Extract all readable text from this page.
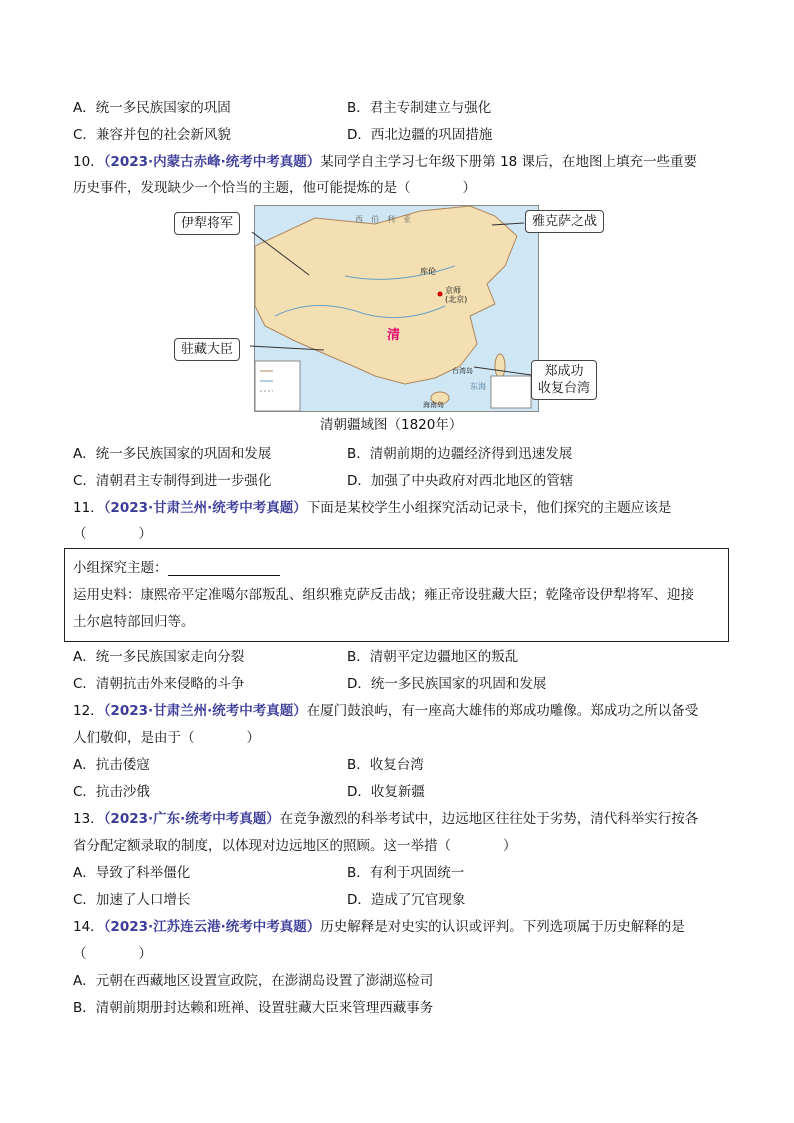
A．统一多民族国家的巩固	B．君主专制建立与强化
C．兼容并包的社会新风貌	D．西北边疆的巩固措施
10．（2023·内蒙古赤峰·统考中考真题）某同学自主学习七年级下册第 18 课后，在地图上填充一些重要
历史事件，发现缺少一个恰当的主题，他可能提炼的是（	）
西　伯　利　亚
库伦
京师
(北京)
清
台湾岛
东海
海南岛
伊犁将军	雅克萨之战
驻藏大臣
郑成功
收复台湾
清朝疆域图（1820年）
A．统一多民族国家的巩固和发展	B．清朝前期的边疆经济得到迅速发展
C．清朝君主专制得到进一步强化	D．加强了中央政府对西北地区的管辖
11．（2023·甘肃兰州·统考中考真题）下面是某校学生小组探究活动记录卡，他们探究的主题应该是
（	）
小组探究主题：
运用史料：康熙帝平定准噶尔部叛乱、组织雅克萨反击战；雍正帝设驻藏大臣；乾隆帝设伊犁将军、迎接
土尔扈特部回归等。
A．统一多民族国家走向分裂	B．清朝平定边疆地区的叛乱
C．清朝抗击外来侵略的斗争	D．统一多民族国家的巩固和发展
12．（2023·甘肃兰州·统考中考真题）在厦门鼓浪屿，有一座高大雄伟的郑成功雕像。郑成功之所以备受
人们敬仰，是由于（	）
A．抗击倭寇	B．收复台湾
C．抗击沙俄	D．收复新疆
13．（2023·广东·统考中考真题）在竞争激烈的科举考试中，边远地区往往处于劣势，清代科举实行按各
省分配定额录取的制度，以体现对边远地区的照顾。这一举措（	）
A．导致了科举僵化	B．有利于巩固统一
C．加速了人口增长	D．造成了冗官现象
14．（2023·江苏连云港·统考中考真题）历史解释是对史实的认识或评判。下列选项属于历史解释的是
（	）
A．元朝在西藏地区设置宣政院，在澎湖岛设置了澎湖巡检司
B．清朝前期册封达赖和班禅、设置驻藏大臣来管理西藏事务
